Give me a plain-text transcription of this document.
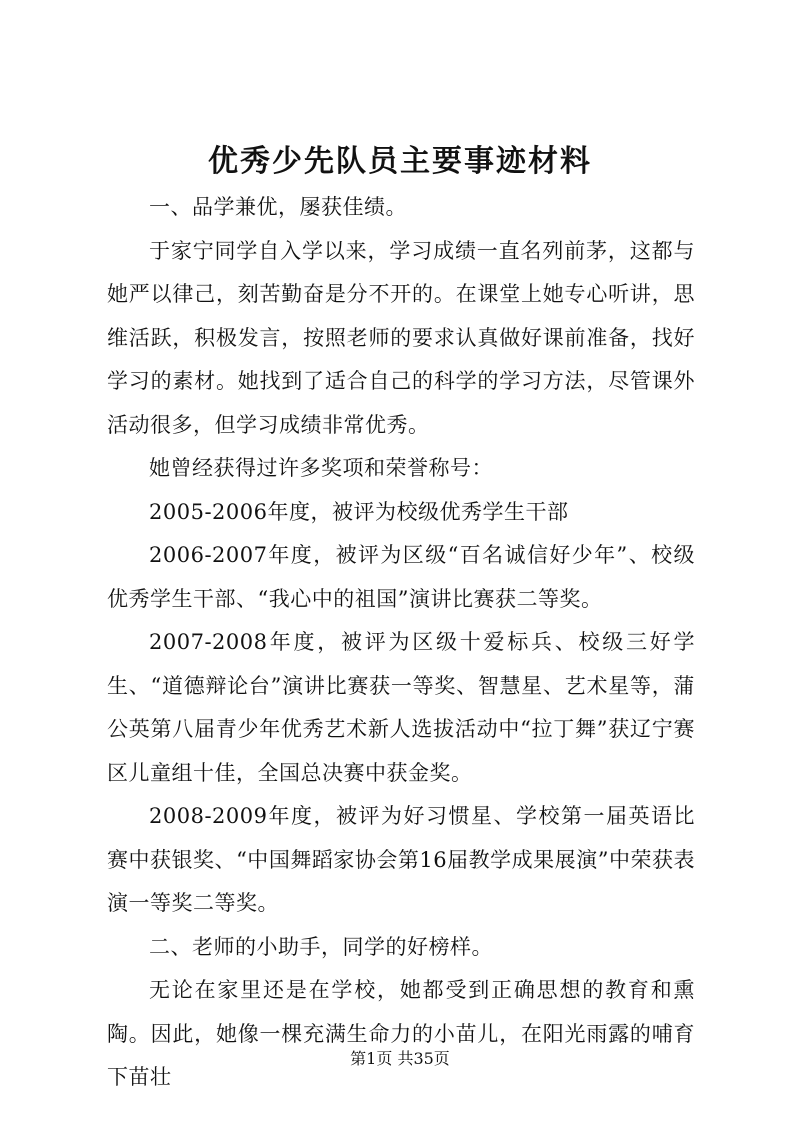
优秀少先队员主要事迹材料

一、品学兼优，屡获佳绩。

于家宁同学自入学以来，学习成绩一直名列前茅，这都与她严以律己，刻苦勤奋是分不开的。在课堂上她专心听讲，思维活跃，积极发言，按照老师的要求认真做好课前准备，找好学习的素材。她找到了适合自己的科学的学习方法，尽管课外活动很多，但学习成绩非常优秀。

她曾经获得过许多奖项和荣誉称号：

2005-2006年度，被评为校级优秀学生干部

2006-2007年度，被评为区级“百名诚信好少年”、校级优秀学生干部、“我心中的祖国”演讲比赛获二等奖。

2007-2008年度，被评为区级十爱标兵、校级三好学生、“道德辩论台”演讲比赛获一等奖、智慧星、艺术星等，蒲公英第八届青少年优秀艺术新人选拔活动中“拉丁舞”获辽宁赛区儿童组十佳，全国总决赛中获金奖。

2008-2009年度，被评为好习惯星、学校第一届英语比赛中获银奖、“中国舞蹈家协会第16届教学成果展演”中荣获表演一等奖二等奖。

二、老师的小助手，同学的好榜样。

无论在家里还是在学校，她都受到正确思想的教育和熏陶。因此，她像一棵充满生命力的小苗儿，在阳光雨露的哺育下苗壮

第1页 共35页
